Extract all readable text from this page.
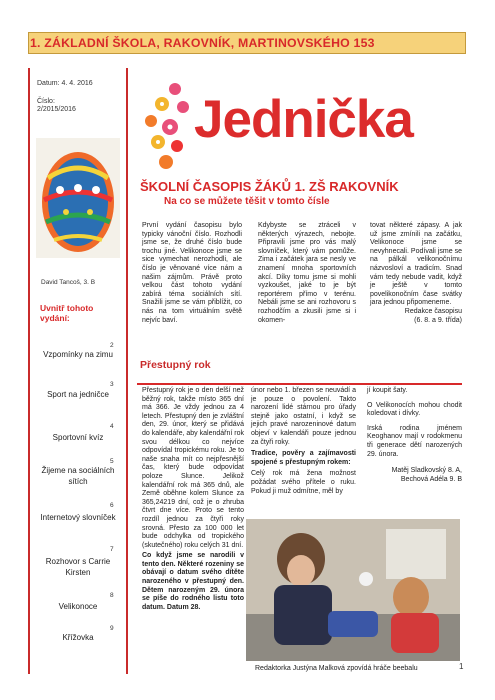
1. ZÁKLADNÍ ŠKOLA, RAKOVNÍK, MARTINOVSKÉHO 153
Datum: 4. 4. 2016
Číslo:
2/2015/2016
David Tancoš, 3. B
Uvnitř tohoto vydání:
Vzpomínky na zimu
2
Sport na jedničce
3
Sportovní kvíz
4
Žijeme na sociálních sítích
5
Internetový slovníček
6
Rozhovor s Carrie Kirsten
7
Velikonoce
8
Křížovka
9
Jednička
ŠKOLNÍ ČASOPIS ŽÁKŮ 1. ZŠ RAKOVNÍK
Na co se můžete těšit v tomto čísle

První vydání časopisu bylo typicky vánoční číslo. Rozhodli jsme se, že druhé číslo bude trochu jiné. Velikonoce jsme se sice vymechat nerozhodli, ale číslo je věnované více nám a našim zájmům. Právě proto velkou část tohoto vydání zabírá téma sociálních sítí. Snažili jsme se vám přiblížit, co nás na tom virtuálním světě nejvíc baví.

Kdybyste se ztráceli v některých výrazech, nebojte. Připravili jsme pro vás malý slovníček, který vám pomůže. Zima i začátek jara se nesly ve znamení mnoha sportovních akcí. Díky tomu jsme si mohli vyzkoušet, jaké to je být reportérem přímo v terénu. Nebáli jsme se ani rozhovoru s rozhodčím a zkusili jsme si i okomen-

tovat některé zápasy. A jak už jsme zmínili na začátku, Velikonoce jsme se nevyhnecali. Podívali jsme se na pálkál velikonočnímu názvosloví a tradicím. Snad vám tedy nebude vadit, když je ještě v tomto povelikonočním čase svátky jara jednou připomeneme.

Redakce časopisu

(6. 8. a 9. třída)

Přestupný rok

Přestupný rok je o den delší než běžný rok, takže místo 365 dní má 366. Je vždy jednou za 4 letech. Přestupný den je zvláštní den, 29. únor, který se přidává do kalendáře, aby kalendářní rok svou délkou co nejvíce odpovídal tropickému roku. Je to naše snaha mít co nejpřesnější čas, který bude odpovídat poloze Slunce. Jelikož kalendářní rok má 365 dnů, ale Země oběhne kolem Slunce za 365,24219 dní, což je o zhruba čtvrt dne více. Proto se tento rozdíl jednou za čtyři roky srovná. Přesto za 100 000 let bude odchylka od tropického (skutečného) roku celých 31 dní.

Co když jsme se narodili v tento den. Některé rozeniny se obávají o datum svého dítěte narozeného v přestupný den. Dětem narozeným 29. února se píše do rodného listu toto datum. Datum 28.

únor nebo 1. březen se neuvádí a je pouze o povolení. Takto narození lidé stárnou pro úřady stejně jako ostatní, i když se jejich pravé narozeninové datum objeví v kalendáři pouze jednou za čtyři roky.

Tradice, pověry a zajímavosti spojené s přestupným rokem:

Celý rok má žena možnost požádat svého přítele o ruku. Pokud ji muž odmítne, měl by

jí koupit šaty.

O Velikonocích mohou chodit koledovat i dívky.

Irská rodina jménem Keoghanov mají v rodokmenu tři generace dětí narozených 29. února.

Matěj Sladkovský 8. A, Bechová Adéla 9. B

Redaktorka Justýna Malková zpovídá hráče beebalu	1
